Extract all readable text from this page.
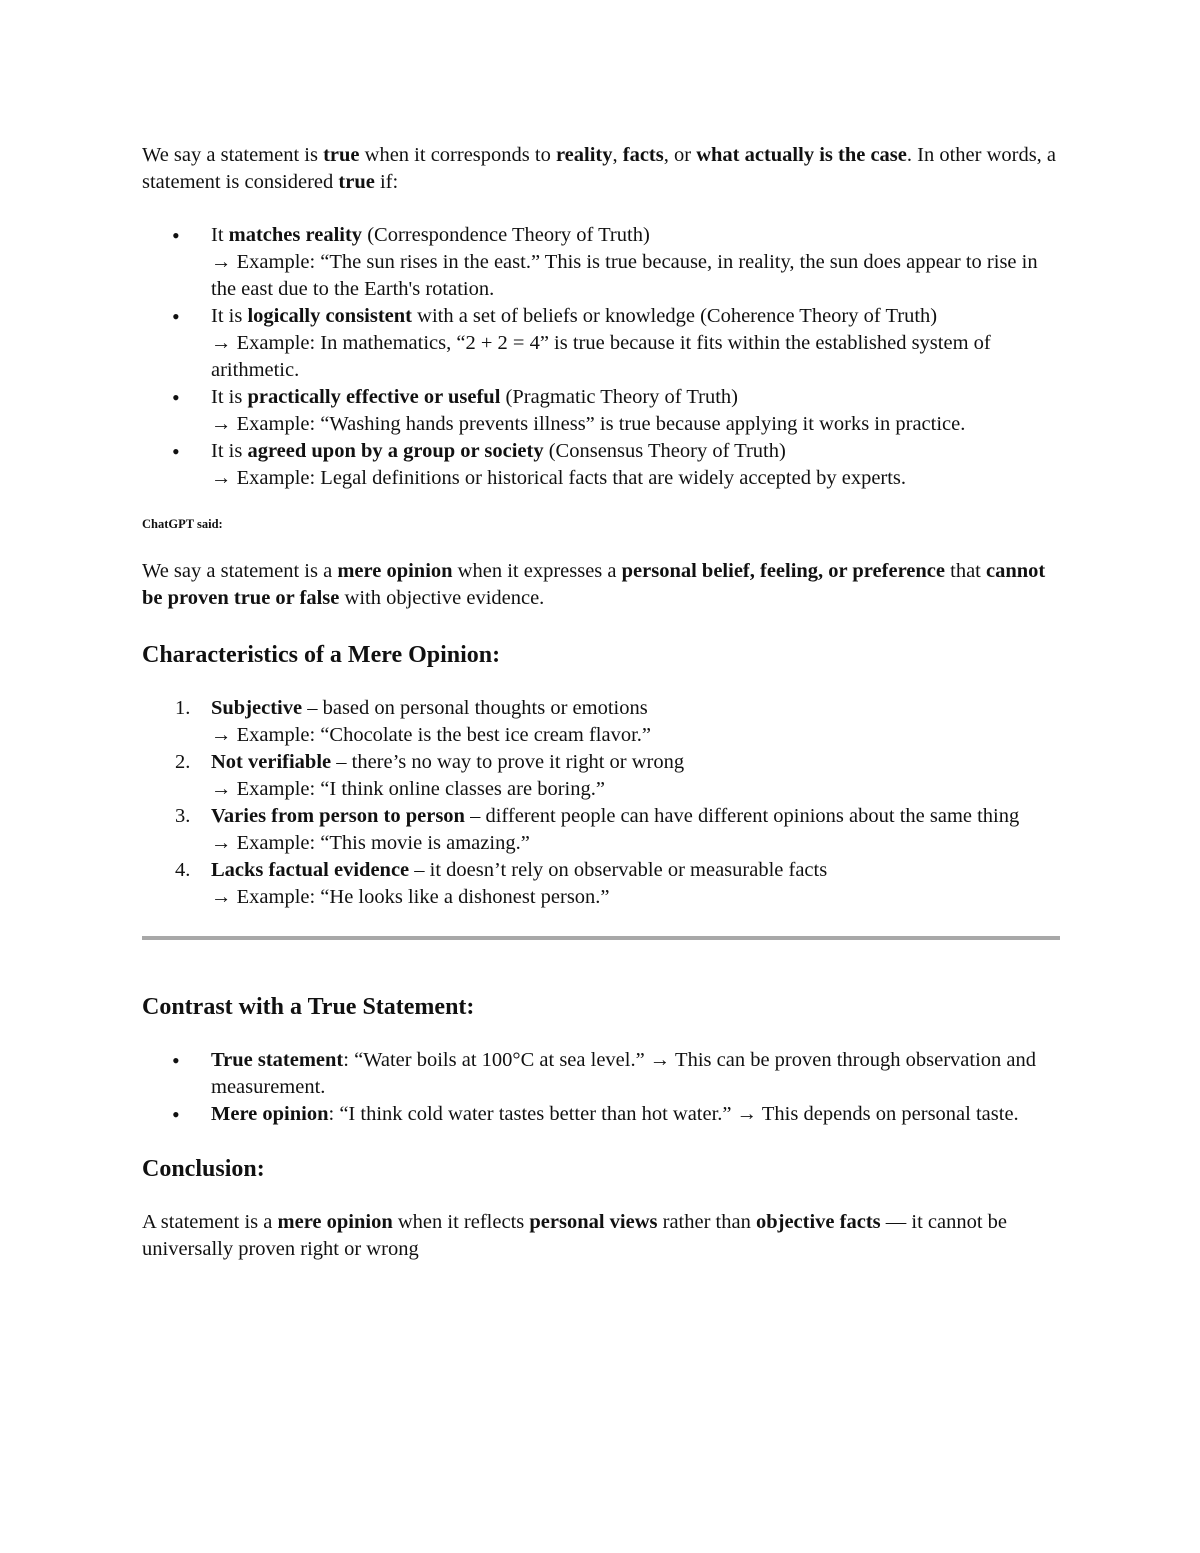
We say a statement is true when it corresponds to reality, facts, or what actually is the case. In other words, a statement is considered true if:

• It matches reality (Correspondence Theory of Truth)
→ Example: “The sun rises in the east.” This is true because, in reality, the sun does appear to rise in the east due to the Earth's rotation.
• It is logically consistent with a set of beliefs or knowledge (Coherence Theory of Truth)
→ Example: In mathematics, “2 + 2 = 4” is true because it fits within the established system of arithmetic.
• It is practically effective or useful (Pragmatic Theory of Truth)
→ Example: “Washing hands prevents illness” is true because applying it works in practice.
• It is agreed upon by a group or society (Consensus Theory of Truth)
→ Example: Legal definitions or historical facts that are widely accepted by experts.

ChatGPT said:

We say a statement is a mere opinion when it expresses a personal belief, feeling, or preference that cannot be proven true or false with objective evidence.

Characteristics of a Mere Opinion:
1. Subjective – based on personal thoughts or emotions
→ Example: “Chocolate is the best ice cream flavor.”
2. Not verifiable – there’s no way to prove it right or wrong
→ Example: “I think online classes are boring.”
3. Varies from person to person – different people can have different opinions about the same thing
→ Example: “This movie is amazing.”
4. Lacks factual evidence – it doesn’t rely on observable or measurable facts
→ Example: “He looks like a dishonest person.”
Contrast with a True Statement:
• True statement: “Water boils at 100°C at sea level.” → This can be proven through observation and measurement.
• Mere opinion: “I think cold water tastes better than hot water.” → This depends on personal taste.
Conclusion:

A statement is a mere opinion when it reflects personal views rather than objective facts — it cannot be universally proven right or wrong
